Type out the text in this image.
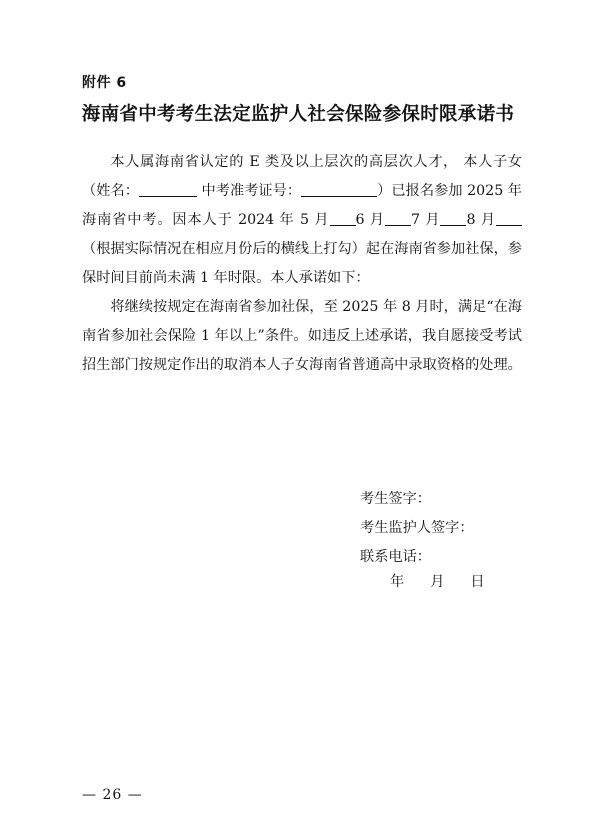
附件 6
海南省中考考生法定监护人社会保险参保时限承诺书

本人属海南省认定的 E 类及以上层次的高层次人才， 本人子女（姓名：	中考准考证号：	）已报名参加 2025 年海南省中考。因本人于 2024 年 5 月 6 月 7 月 8 月（根据实际情况在相应月份后的横线上打勾）起在海南省参加社保，参保时间目前尚未满 1 年时限。本人承诺如下：

将继续按规定在海南省参加社保，至 2025 年 8 月时，满足“在海南省参加社会保险 1 年以上”条件。如违反上述承诺，我自愿接受考试招生部门按规定作出的取消本人子女海南省普通高中录取资格的处理。

考生签字：
考生监护人签字：
联系电话：
年 月 日
— 26 —
